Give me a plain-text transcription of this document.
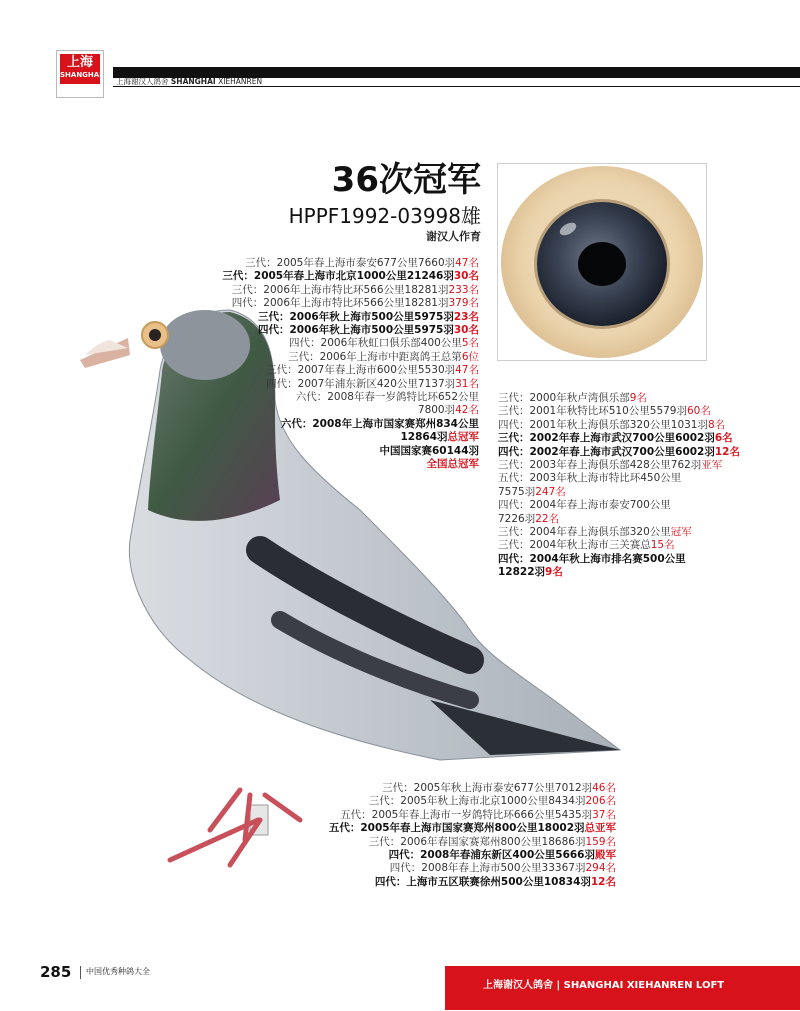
上海
SHANGHAI
上海谢汉人鸽舍 SHANGHAI XIEHANREN
36次冠军
HPPF1992-03998雄
谢汉人作育
三代：2005年春上海市泰安677公里7660羽47名
三代：2005年春上海市北京1000公里21246羽30名
三代：2006年上海市特比环566公里18281羽233名
四代：2006年上海市特比环566公里18281羽379名
三代：2006年秋上海市500公里5975羽23名
四代：2006年秋上海市500公里5975羽30名
四代：2006年秋虹口俱乐部400公里5名
三代：2006年上海市中距离鸽王总第6位
三代：2007年春上海市600公里5530羽47名
四代：2007年浦东新区420公里7137羽31名
六代：2008年春一岁鸽特比环652公里
7800羽42名
六代：2008年上海市国家赛郑州834公里
12864羽总冠军
中国国家赛60144羽
全国总冠军
三代：2000年秋卢湾俱乐部9名
三代：2001年秋特比环510公里5579羽60名
四代：2001年秋上海俱乐部320公里1031羽8名
三代：2002年春上海市武汉700公里6002羽6名
四代：2002年春上海市武汉700公里6002羽12名
三代：2003年春上海俱乐部428公里762羽亚军
五代：2003年秋上海市特比环450公里
7575羽247名
四代：2004年春上海市泰安700公里
7226羽22名
三代：2004年春上海俱乐部320公里冠军
三代：2004年秋上海市三关赛总15名
四代：2004年秋上海市排名赛500公里
12822羽9名
三代：2005年秋上海市泰安677公里7012羽46名
三代：2005年秋上海市北京1000公里8434羽206名
五代：2005年春上海市一岁鸽特比环666公里5435羽37名
五代：2005年春上海市国家赛郑州800公里18002羽总亚军
三代：2006年春国家赛郑州800公里18686羽159名
四代：2008年春浦东新区400公里5666羽殿军
四代：2008年春上海市500公里33367羽294名
四代：上海市五区联赛徐州500公里10834羽12名
285 中国优秀种鸽大全
上海谢汉人鸽舍 | SHANGHAI XIEHANREN LOFT
